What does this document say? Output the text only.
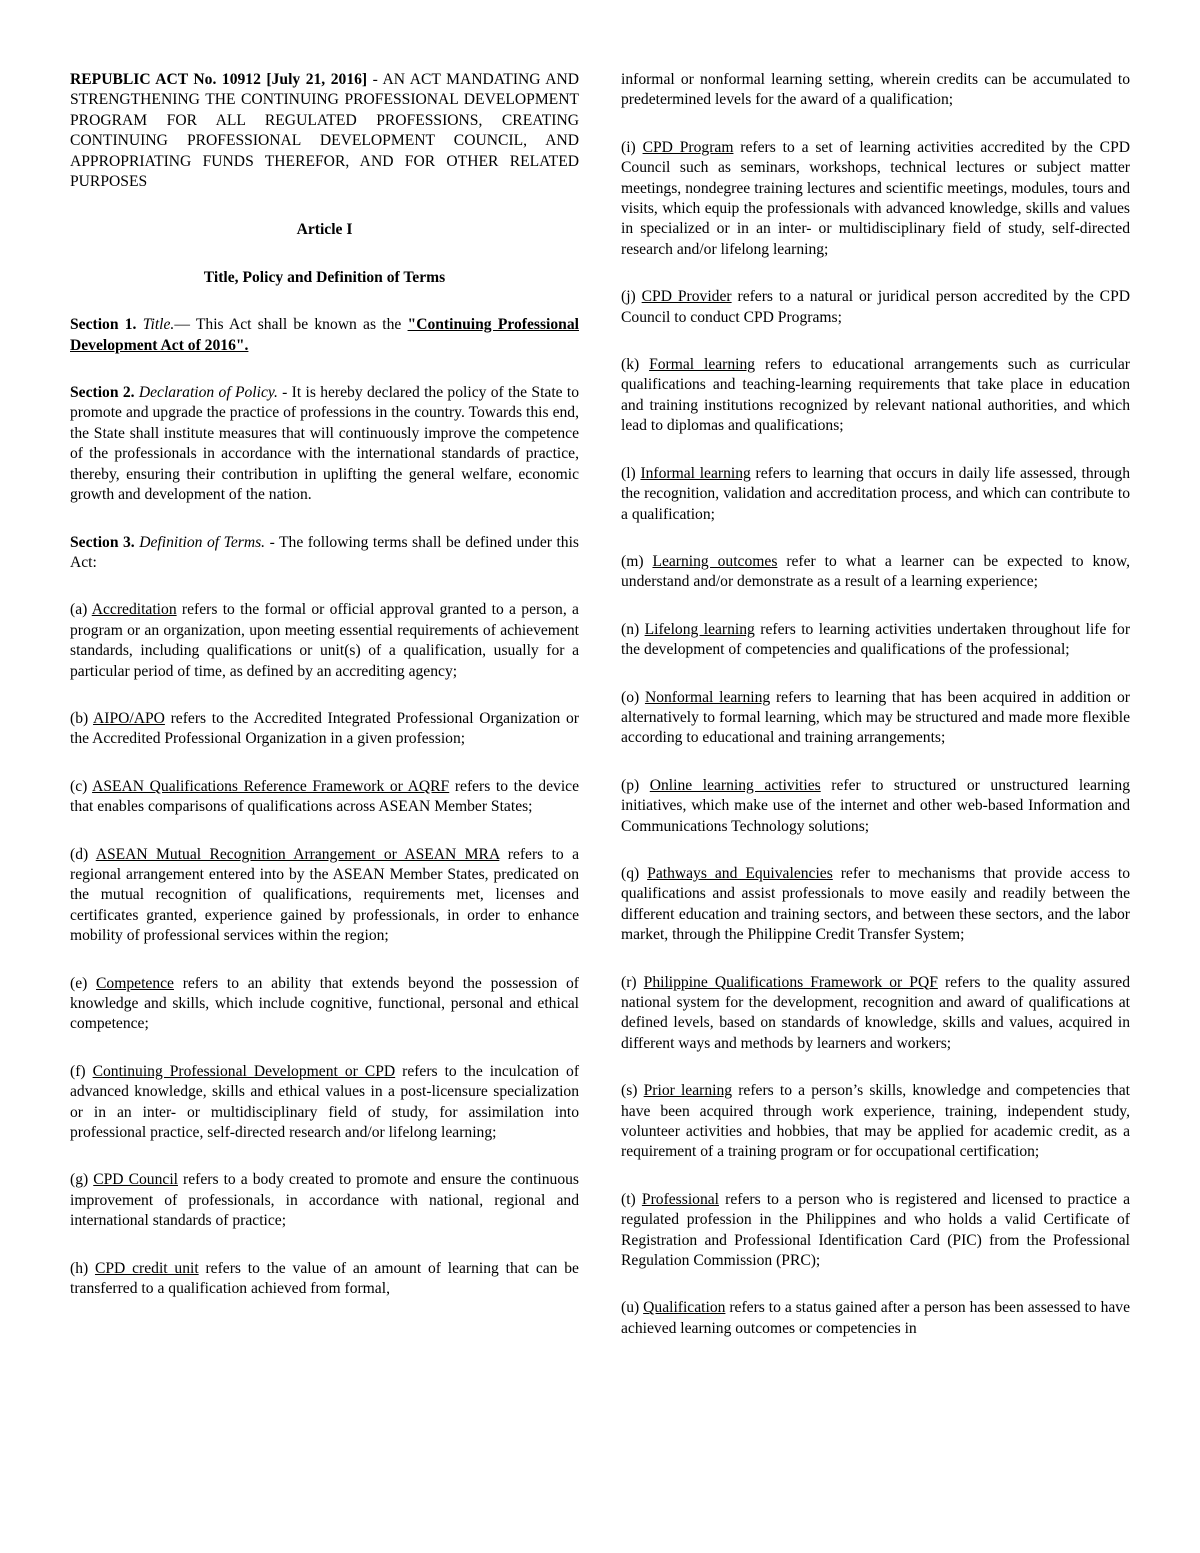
REPUBLIC ACT No. 10912 [July 21, 2016] - AN ACT MANDATING AND STRENGTHENING THE CONTINUING PROFESSIONAL DEVELOPMENT PROGRAM FOR ALL REGULATED PROFESSIONS, CREATING CONTINUING PROFESSIONAL DEVELOPMENT COUNCIL, AND APPROPRIATING FUNDS THEREFOR, AND FOR OTHER RELATED PURPOSES

Article I

Title, Policy and Definition of Terms

Section 1. Title.— This Act shall be known as the "Continuing Professional Development Act of 2016".

Section 2. Declaration of Policy. - It is hereby declared the policy of the State to promote and upgrade the practice of professions in the country. Towards this end, the State shall institute measures that will continuously improve the competence of the professionals in accordance with the international standards of practice, thereby, ensuring their contribution in uplifting the general welfare, economic growth and development of the nation.

Section 3. Definition of Terms. - The following terms shall be defined under this Act:

(a) Accreditation refers to the formal or official approval granted to a person, a program or an organization, upon meeting essential requirements of achievement standards, including qualifications or unit(s) of a qualification, usually for a particular period of time, as defined by an accrediting agency;

(b) AIPO/APO refers to the Accredited Integrated Professional Organization or the Accredited Professional Organization in a given profession;

(c) ASEAN Qualifications Reference Framework or AQRF refers to the device that enables comparisons of qualifications across ASEAN Member States;

(d) ASEAN Mutual Recognition Arrangement or ASEAN MRA refers to a regional arrangement entered into by the ASEAN Member States, predicated on the mutual recognition of qualifications, requirements met, licenses and certificates granted, experience gained by professionals, in order to enhance mobility of professional services within the region;

(e) Competence refers to an ability that extends beyond the possession of knowledge and skills, which include cognitive, functional, personal and ethical competence;

(f) Continuing Professional Development or CPD refers to the inculcation of advanced knowledge, skills and ethical values in a post-licensure specialization or in an inter- or multidisciplinary field of study, for assimilation into professional practice, self-directed research and/or lifelong learning;

(g) CPD Council refers to a body created to promote and ensure the continuous improvement of professionals, in accordance with national, regional and international standards of practice;

(h) CPD credit unit refers to the value of an amount of learning that can be transferred to a qualification achieved from formal,

informal or nonformal learning setting, wherein credits can be accumulated to predetermined levels for the award of a qualification;

(i) CPD Program refers to a set of learning activities accredited by the CPD Council such as seminars, workshops, technical lectures or subject matter meetings, nondegree training lectures and scientific meetings, modules, tours and visits, which equip the professionals with advanced knowledge, skills and values in specialized or in an inter- or multidisciplinary field of study, self-directed research and/or lifelong learning;

(j) CPD Provider refers to a natural or juridical person accredited by the CPD Council to conduct CPD Programs;

(k) Formal learning refers to educational arrangements such as curricular qualifications and teaching-learning requirements that take place in education and training institutions recognized by relevant national authorities, and which lead to diplomas and qualifications;

(l) Informal learning refers to learning that occurs in daily life assessed, through the recognition, validation and accreditation process, and which can contribute to a qualification;

(m) Learning outcomes refer to what a learner can be expected to know, understand and/or demonstrate as a result of a learning experience;

(n) Lifelong learning refers to learning activities undertaken throughout life for the development of competencies and qualifications of the professional;

(o) Nonformal learning refers to learning that has been acquired in addition or alternatively to formal learning, which may be structured and made more flexible according to educational and training arrangements;

(p) Online learning activities refer to structured or unstructured learning initiatives, which make use of the internet and other web-based Information and Communications Technology solutions;

(q) Pathways and Equivalencies refer to mechanisms that provide access to qualifications and assist professionals to move easily and readily between the different education and training sectors, and between these sectors, and the labor market, through the Philippine Credit Transfer System;

(r) Philippine Qualifications Framework or PQF refers to the quality assured national system for the development, recognition and award of qualifications at defined levels, based on standards of knowledge, skills and values, acquired in different ways and methods by learners and workers;

(s) Prior learning refers to a person’s skills, knowledge and competencies that have been acquired through work experience, training, independent study, volunteer activities and hobbies, that may be applied for academic credit, as a requirement of a training program or for occupational certification;

(t) Professional refers to a person who is registered and licensed to practice a regulated profession in the Philippines and who holds a valid Certificate of Registration and Professional Identification Card (PIC) from the Professional Regulation Commission (PRC);

(u) Qualification refers to a status gained after a person has been assessed to have achieved learning outcomes or competencies in
